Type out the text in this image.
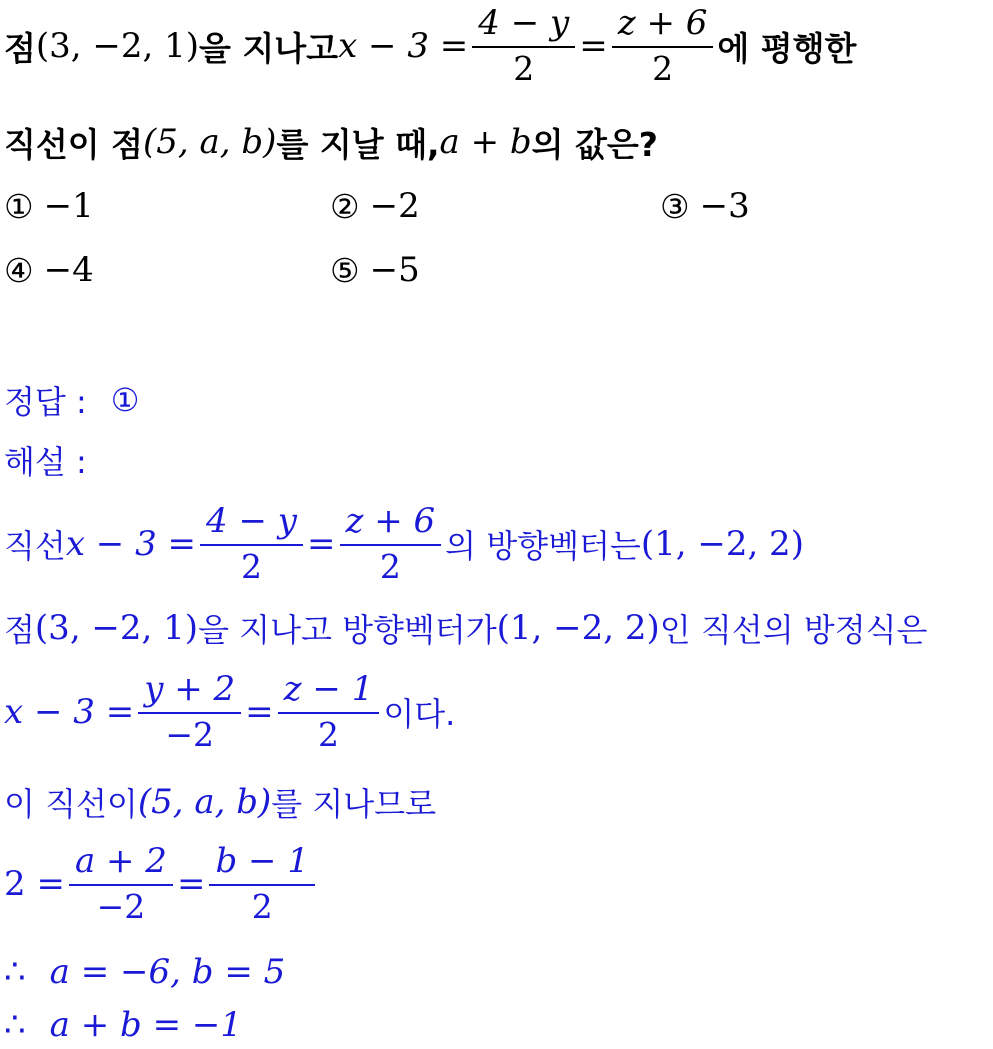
점 (3, −2, 1) 을 지나고 $x - 3 = \frac{4 - y}{2} = \frac{z + 6}{2}$ 에 평행한
직선이 점 (5, a, b) 를 지날 때, a + b 의 값은?
① −1	② −2	③ −3
④ −4	⑤ −5
정답 : ①
해설 :
직선 $x - 3 = \frac{4 - y}{2} = \frac{z + 6}{2}$ 의 방향벡터는 (1, −2, 2)
점 (3, −2, 1) 을 지나고 방향벡터가 (1, −2, 2) 인 직선의 방정식은
$x - 3 = \frac{y + 2}{-2} = \frac{z - 1}{2}$ 이다.
이 직선이 (5, a, b) 를 지나므로
$2 = \frac{a + 2}{-2} = \frac{b - 1}{2}$
∴ a = −6, b = 5
∴ a + b = −1
